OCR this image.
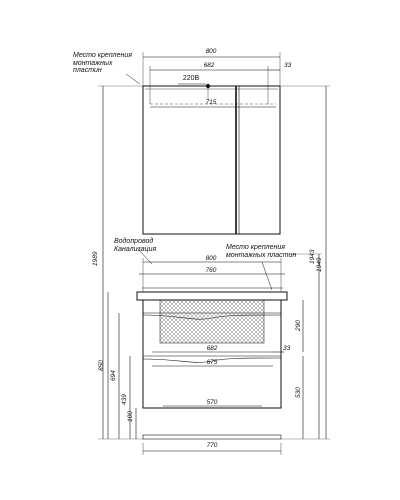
Место крепления
монтажных
пластин
Водопровод
Канализация	Место крепления
монтажных пластин
800
682	33
220В
715
800
760
682	33
675
570
770
1989
850
694
439
100
290
530
1949
1943
